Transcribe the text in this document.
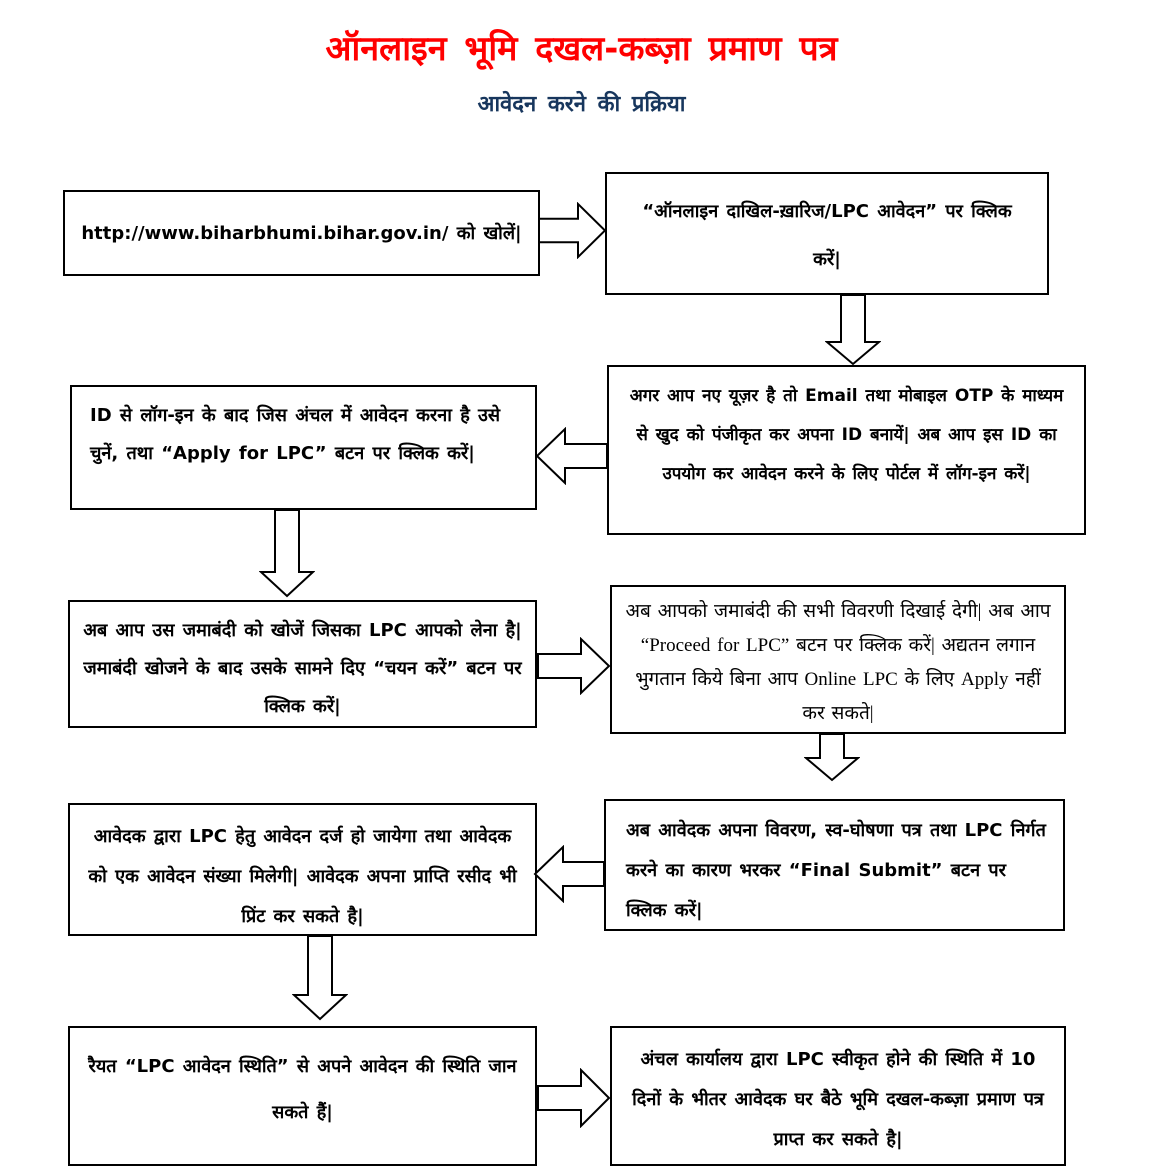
ऑनलाइन भूमि दखल-कब्ज़ा प्रमाण पत्र
आवेदन करने की प्रक्रिया
http://www.biharbhumi.bihar.gov.in/ को खोलें|
“ऑनलाइन दाखिल-ख़ारिज/LPC आवेदन” पर क्लिक करें|
अगर आप नए यूज़र है तो Email तथा मोबाइल OTP के माध्यम से खुद को पंजीकृत कर अपना ID बनायें| अब आप इस ID का उपयोग कर आवेदन करने के लिए पोर्टल में लॉग-इन करें|
ID से लॉग-इन के बाद जिस अंचल में आवेदन करना है उसे चुनें, तथा “Apply for LPC” बटन पर क्लिक करें|
अब आप उस जमाबंदी को खोजें जिसका LPC आपको लेना है| जमाबंदी खोजने के बाद उसके सामने दिए “चयन करें” बटन पर क्लिक करें|
अब आपको जमाबंदी की सभी विवरणी दिखाई देगी| अब आप “Proceed for LPC” बटन पर क्लिक करें| अद्यतन लगान भुगतान किये बिना आप Online LPC के लिए Apply नहीं कर सकते|
अब आवेदक अपना विवरण, स्व-घोषणा पत्र तथा LPC निर्गत करने का कारण भरकर “Final Submit” बटन पर क्लिक करें|
आवेदक द्वारा LPC हेतु आवेदन दर्ज हो जायेगा तथा आवेदक को एक आवेदन संख्या मिलेगी| आवेदक अपना प्राप्ति रसीद भी प्रिंट कर सकते है|
रैयत “LPC आवेदन स्थिति” से अपने आवेदन की स्थिति जान सकते हैं|
अंचल कार्यालय द्वारा LPC स्वीकृत होने की स्थिति में 10 दिनों के भीतर आवेदक घर बैठे भूमि दखल-कब्ज़ा प्रमाण पत्र प्राप्त कर सकते है|
